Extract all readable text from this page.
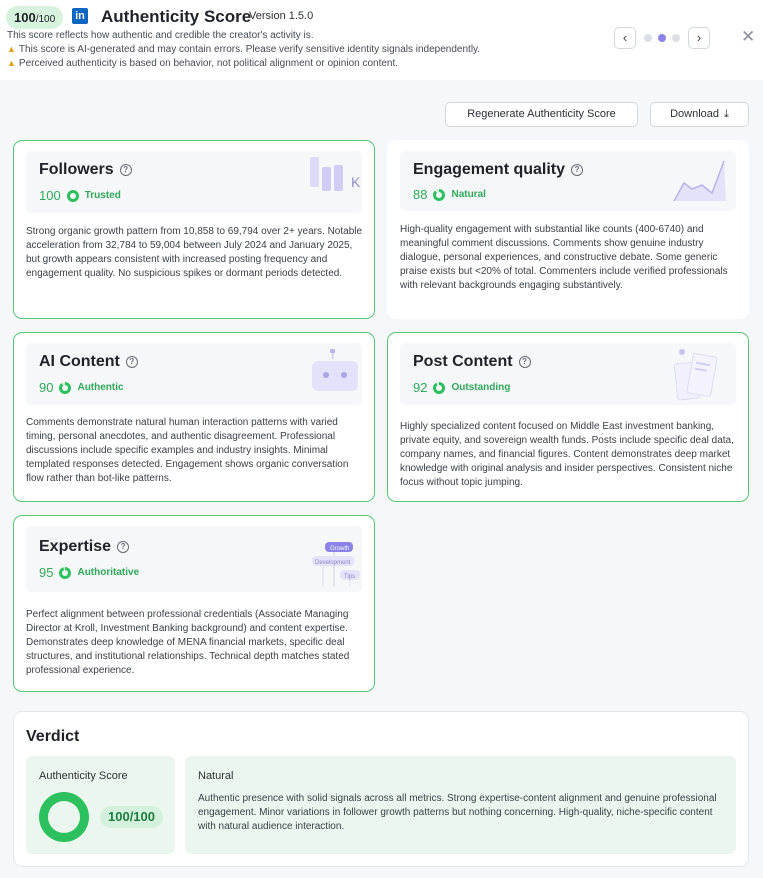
100/100	in Authenticity Score
Version 1.5.0
This score reflects how authentic and credible the creator's activity is.
▲ This score is AI-generated and may contain errors. Please verify sensitive identity signals independently.
▲ Perceived authenticity is based on behavior, not political alignment or opinion content.
‹	›	✕
Regenerate Authenticity Score	Download ⤓
Followers ?
100 Trusted
K
Strong organic growth pattern from 10,858 to 69,794 over 2+ years. Notable acceleration from 32,784 to 59,004 between July 2024 and January 2025, but growth appears consistent with increased posting frequency and engagement quality. No suspicious spikes or dormant periods detected.
Engagement quality ?
88 Natural
High-quality engagement with substantial like counts (400-6740) and meaningful comment discussions. Comments show genuine industry dialogue, personal experiences, and constructive debate. Some generic praise exists but <20% of total. Commenters include verified professionals with relevant backgrounds engaging substantively.
AI Content ?
90 Authentic
Comments demonstrate natural human interaction patterns with varied timing, personal anecdotes, and authentic disagreement. Professional discussions include specific examples and industry insights. Minimal templated responses detected. Engagement shows organic conversation flow rather than bot-like patterns.
Post Content ?
92 Outstanding
Highly specialized content focused on Middle East investment banking, private equity, and sovereign wealth funds. Posts include specific deal data, company names, and financial figures. Content demonstrates deep market knowledge with original analysis and insider perspectives. Consistent niche focus without topic jumping.
Expertise ?
95 Authoritative
Growth
Development
Tips
Perfect alignment between professional credentials (Associate Managing Director at Kroll, Investment Banking background) and content expertise. Demonstrates deep knowledge of MENA financial markets, specific deal structures, and institutional relationships. Technical depth matches stated professional experience.
Verdict
Authenticity Score
100/100
Natural
Authentic presence with solid signals across all metrics. Strong expertise-content alignment and genuine professional engagement. Minor variations in follower growth patterns but nothing concerning. High-quality, niche-specific content with natural audience interaction.
